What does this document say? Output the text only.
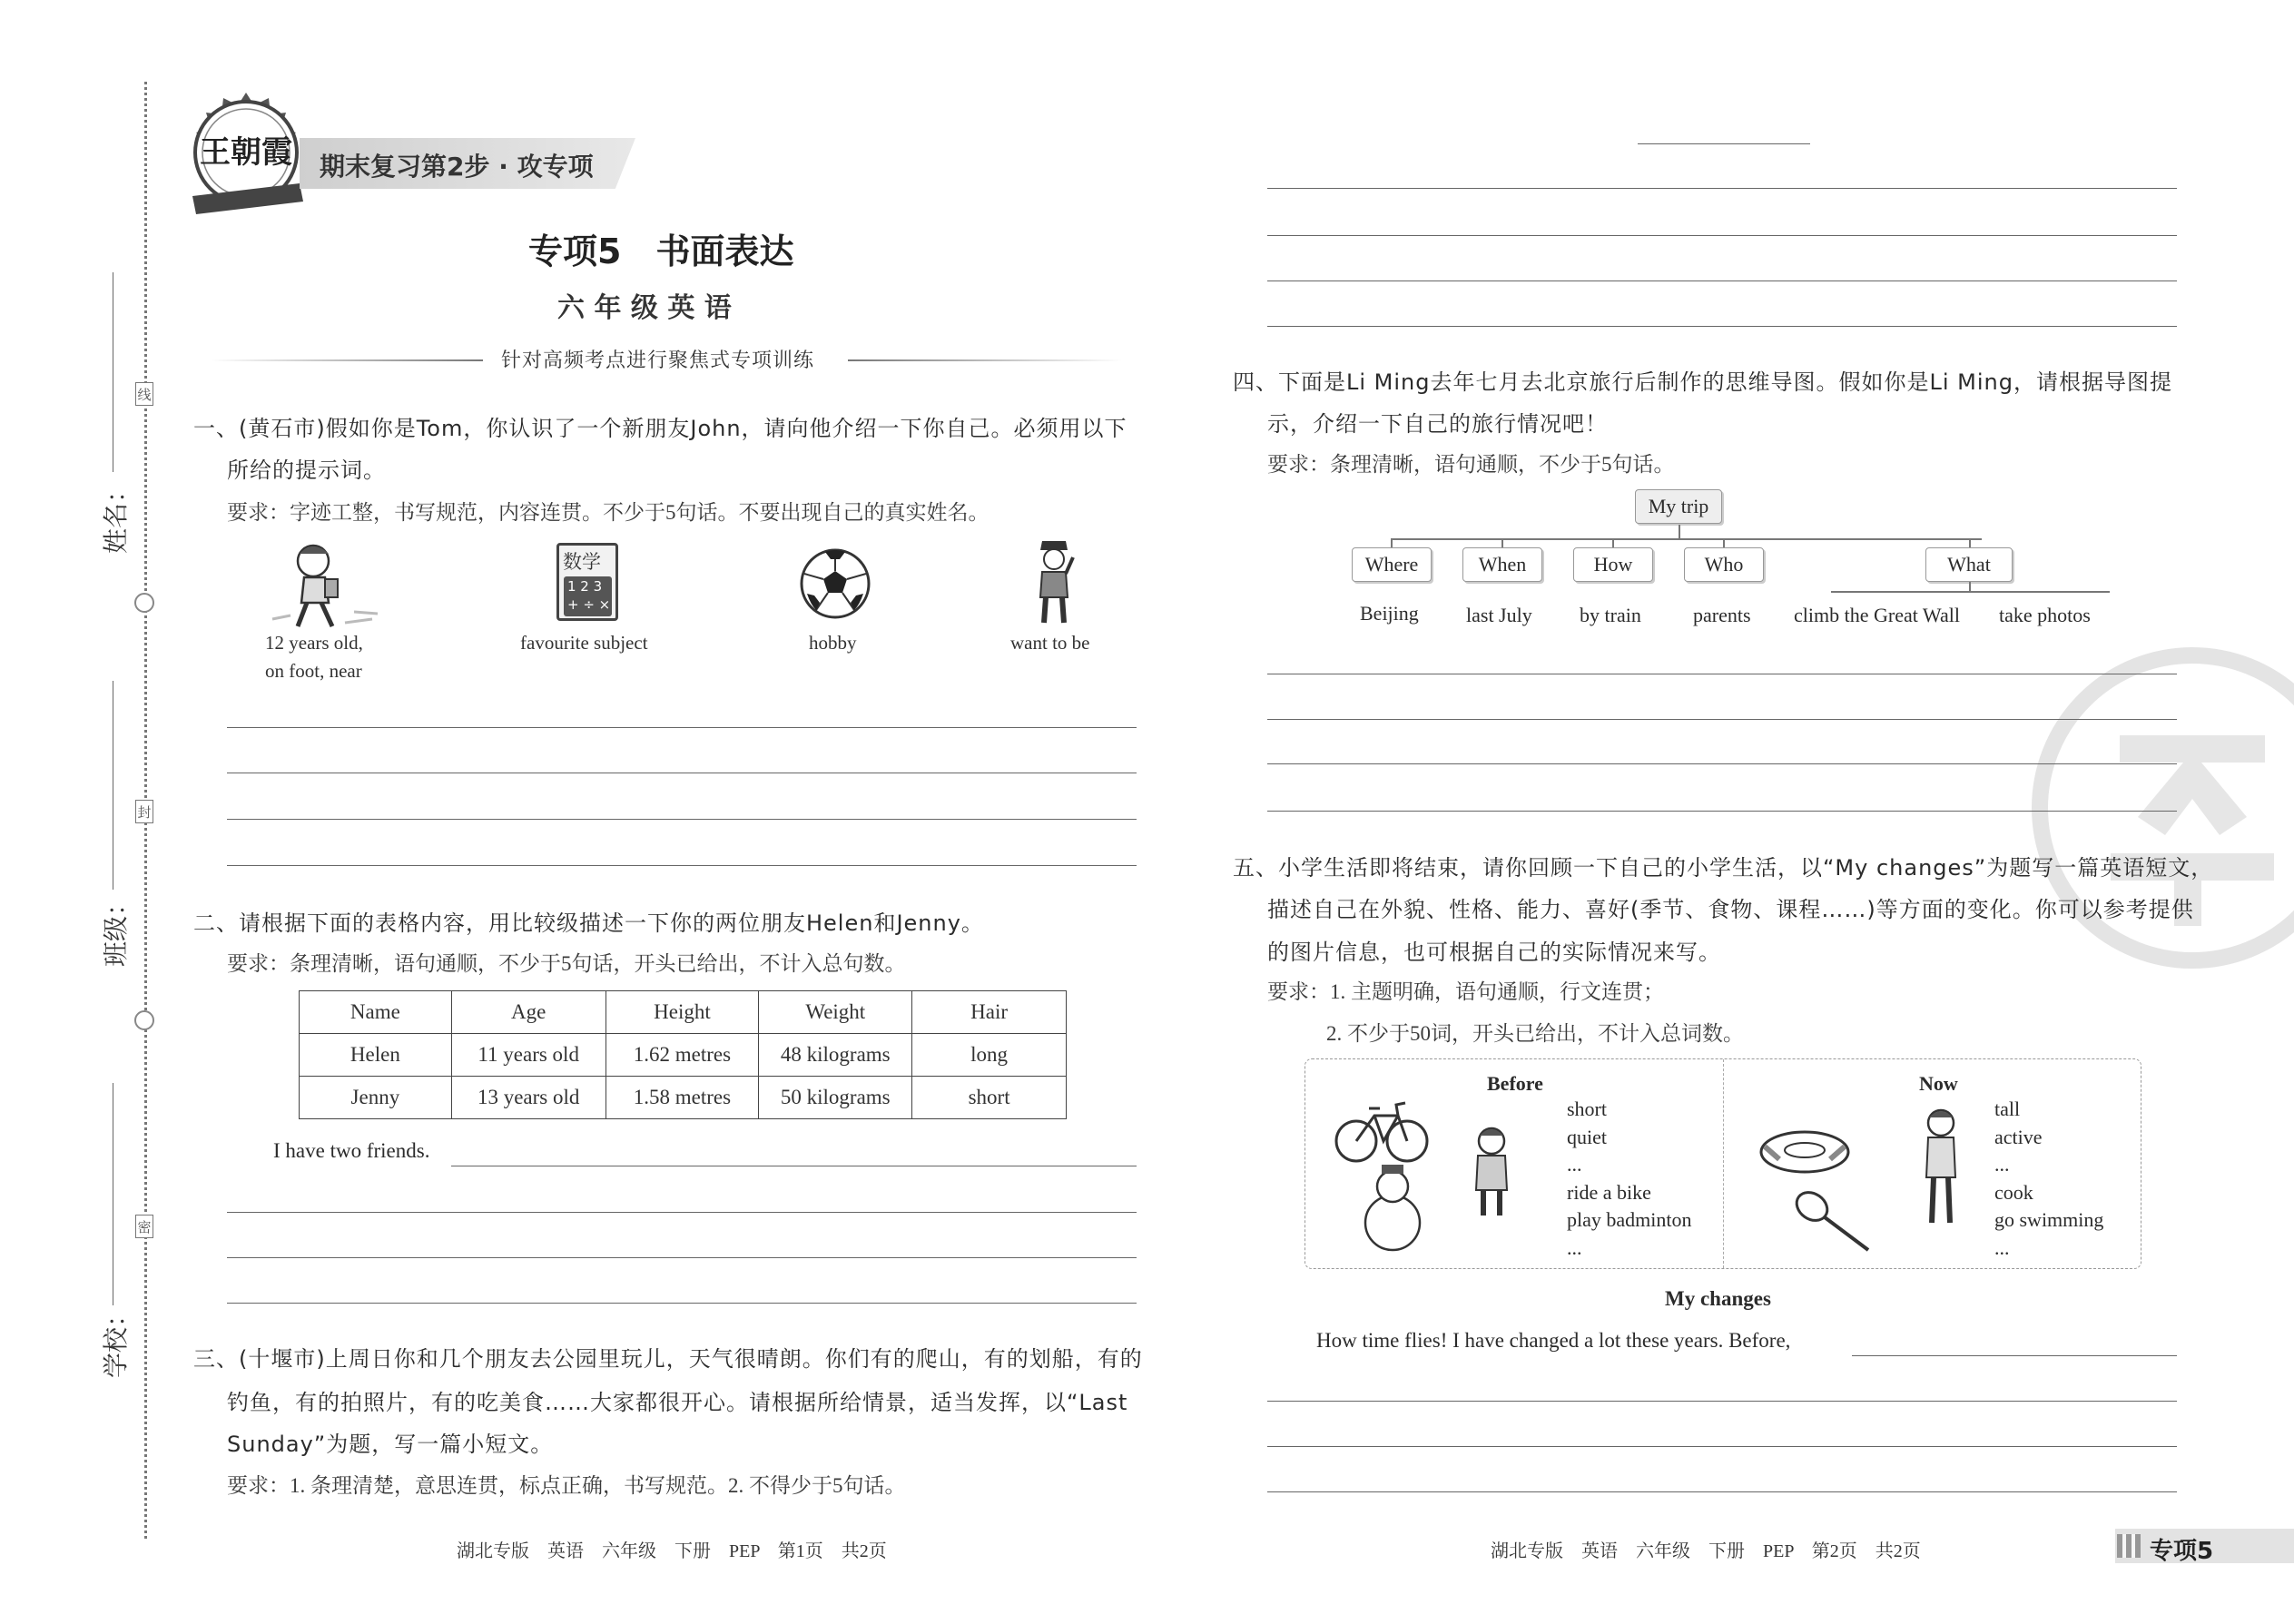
线
封
密
姓名：
班级：
学校：
王朝霞 期末复习第2步 · 攻专项
专项5　书面表达
六 年 级 英 语
针对高频考点进行聚焦式专项训练
一、(黄石市)假如你是Tom，你认识了一个新朋友John，请向他介绍一下你自己。必须用以下
所给的提示词。
要求：字迹工整，书写规范，内容连贯。不少于5句话。不要出现自己的真实姓名。
12 years old,
on foot, near
数学
1 2 3
+ ÷ ×
favourite subject	hobby	want to be
二、请根据下面的表格内容，用比较级描述一下你的两位朋友Helen和Jenny。
要求：条理清晰，语句通顺，不少于5句话，开头已给出，不计入总句数。
Name	Age	Height	Weight	Hair
Helen	11 years old	1.62 metres	48 kilograms	long
Jenny	13 years old	1.58 metres	50 kilograms	short
I have two friends.
三、(十堰市)上周日你和几个朋友去公园里玩儿，天气很晴朗。你们有的爬山，有的划船，有的
钓鱼，有的拍照片，有的吃美食……大家都很开心。请根据所给情景，适当发挥，以“Last
Sunday”为题，写一篇小短文。
要求：1. 条理清楚，意思连贯，标点正确，书写规范。2. 不得少于5句话。
湖北专版　英语　六年级　下册　PEP　第1页　共2页
四、下面是Li Ming去年七月去北京旅行后制作的思维导图。假如你是Li Ming，请根据导图提
示，介绍一下自己的旅行情况吧！
要求：条理清晰，语句通顺，不少于5句话。
My trip
Where	When	How	Who	What
Beijing last July by train	parents climb the Great Wall take photos
五、小学生活即将结束，请你回顾一下自己的小学生活，以“My changes”为题写一篇英语短文，
描述自己在外貌、性格、能力、喜好(季节、食物、课程……)等方面的变化。你可以参考提供
的图片信息，也可根据自己的实际情况来写。
要求：1. 主题明确，语句通顺，行文连贯；
2. 不少于50词，开头已给出，不计入总词数。
Before
short
quiet
...
ride a bike
play badminton
...
Now
tall
active
...
cook
go swimming
...
My changes
How time flies! I have changed a lot these years. Before,
湖北专版　英语　六年级　下册　PEP　第2页　共2页	专项5
